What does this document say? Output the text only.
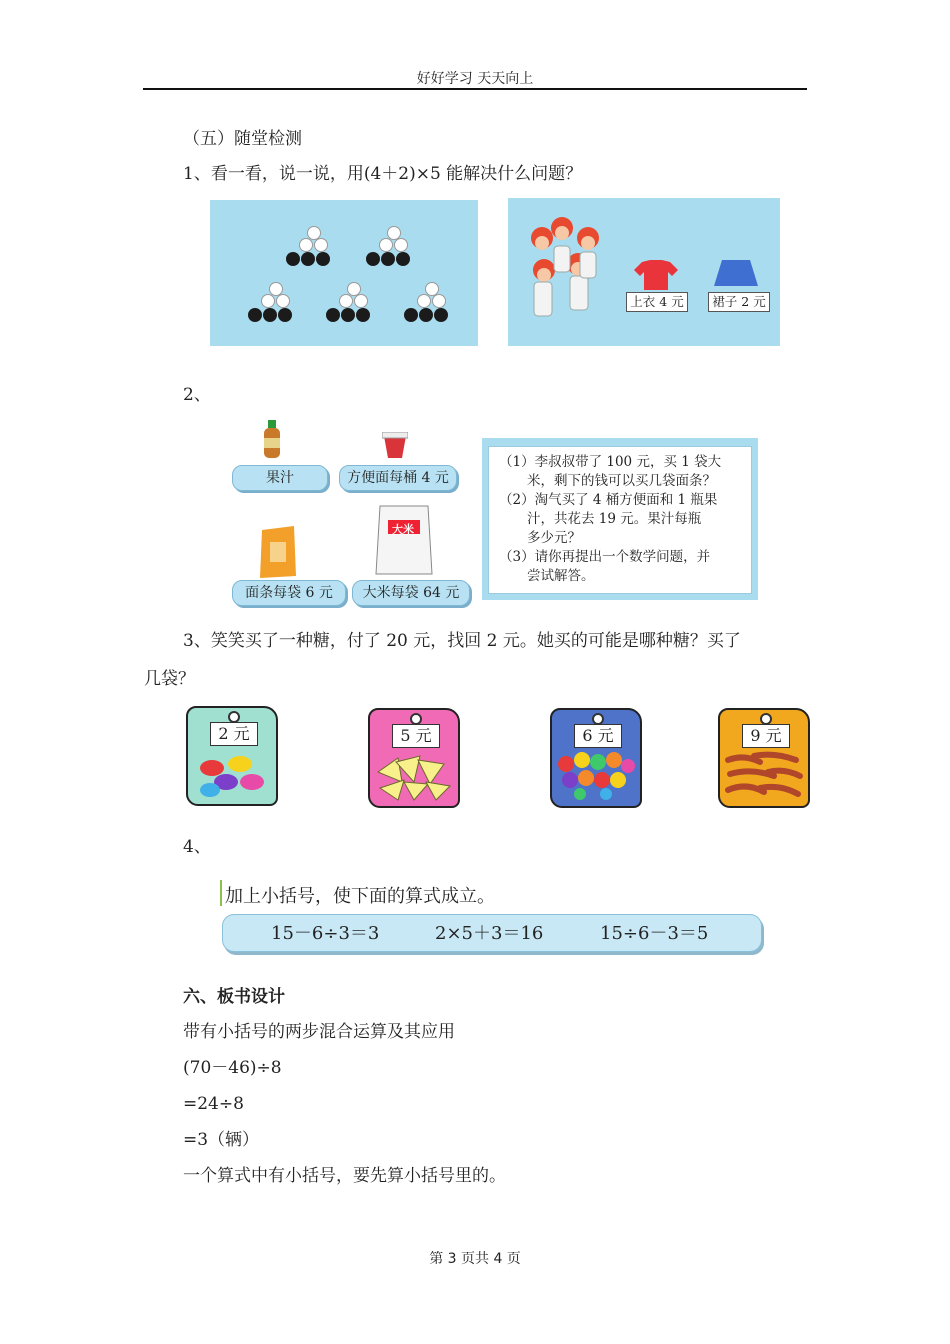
好好学习 天天向上
（五）随堂检测
1、看一看，说一说，用(4＋2)×5 能解决什么问题？
上衣 4 元	裙子 2 元
2、
果汁	方便面每桶 4 元
大米
面条每袋 6 元	大米每袋 64 元
（1）李叔叔带了 100 元，买 1 袋大
米，剩下的钱可以买几袋面条？
（2）淘气买了 4 桶方便面和 1 瓶果
汁，共花去 19 元。果汁每瓶
多少元？
（3）请你再提出一个数学问题，并
尝试解答。
3、笑笑买了一种糖，付了 20 元，找回 2 元。她买的可能是哪种糖？买了
几袋？
2 元	5 元	6 元	9 元
4、
加上小括号，使下面的算式成立。
15－6÷3＝3	2×5＋3＝16	15÷6－3＝5
六、板书设计
带有小括号的两步混合运算及其应用
(70－46)÷8
=24÷8
=3（辆）
一个算式中有小括号，要先算小括号里的。
第 3 页共 4 页
